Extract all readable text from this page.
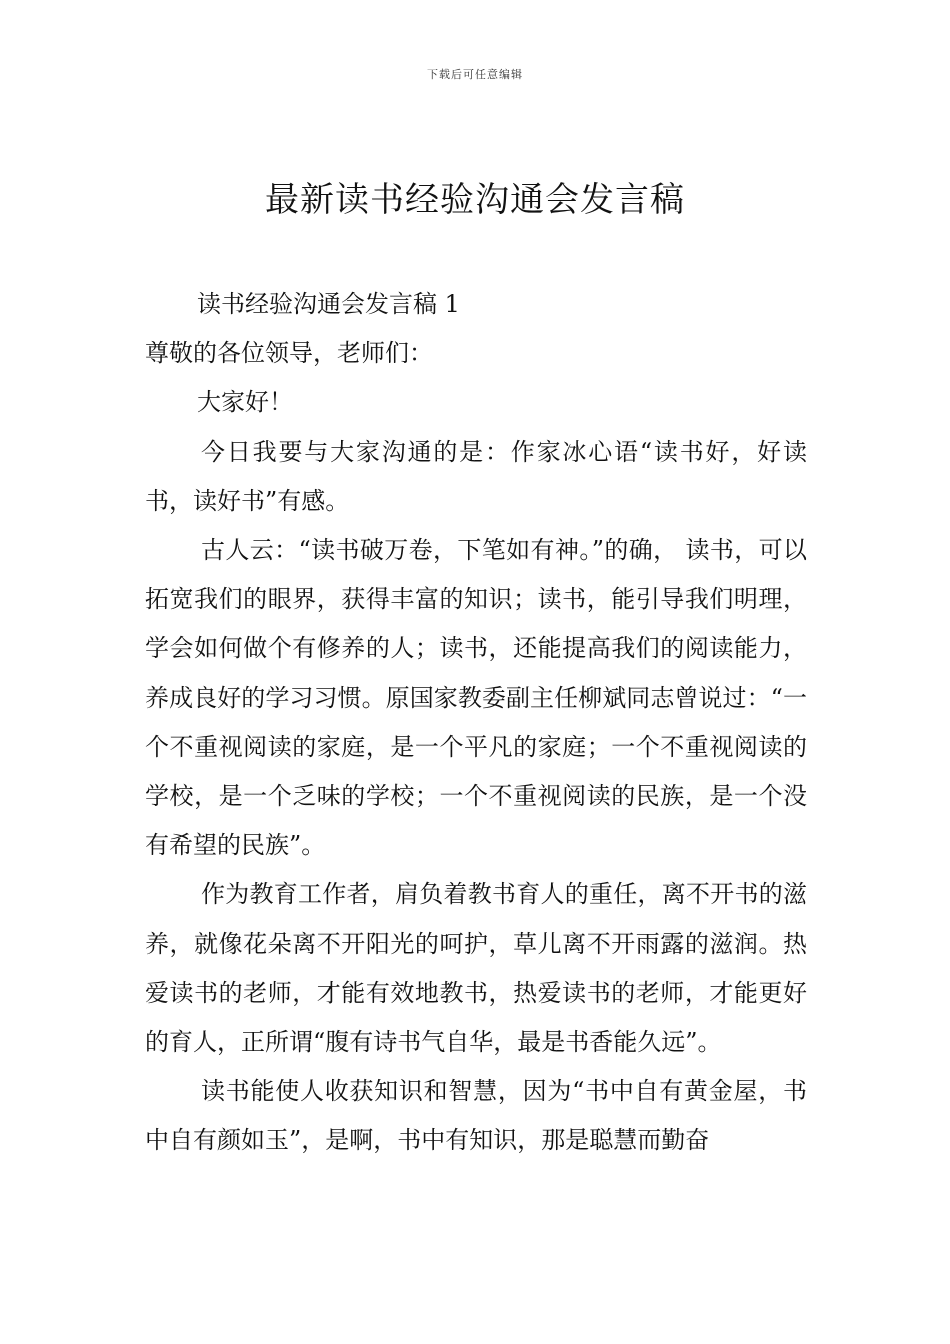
下载后可任意编辑
最新读书经验沟通会发言稿

读书经验沟通会发言稿 1

尊敬的各位领导，老师们：

大家好！

今日我要与大家沟通的是：作家冰心语“读书好，好读书，读好书”有感。

古人云：“读书破万卷，下笔如有神。”的确， 读书，可以拓宽我们的眼界，获得丰富的知识；读书，能引导我们明理，学会如何做个有修养的人；读书，还能提高我们的阅读能力，养成良好的学习习惯。原国家教委副主任柳斌同志曾说过：“一个不重视阅读的家庭，是一个平凡的家庭；一个不重视阅读的学校，是一个乏味的学校；一个不重视阅读的民族，是一个没有希望的民族”。

作为教育工作者，肩负着教书育人的重任，离不开书的滋养，就像花朵离不开阳光的呵护，草儿离不开雨露的滋润。热爱读书的老师，才能有效地教书，热爱读书的老师，才能更好的育人，正所谓“腹有诗书气自华，最是书香能久远”。

读书能使人收获知识和智慧，因为“书中自有黄金屋，书中自有颜如玉”，是啊，书中有知识，那是聪慧而勤奋
